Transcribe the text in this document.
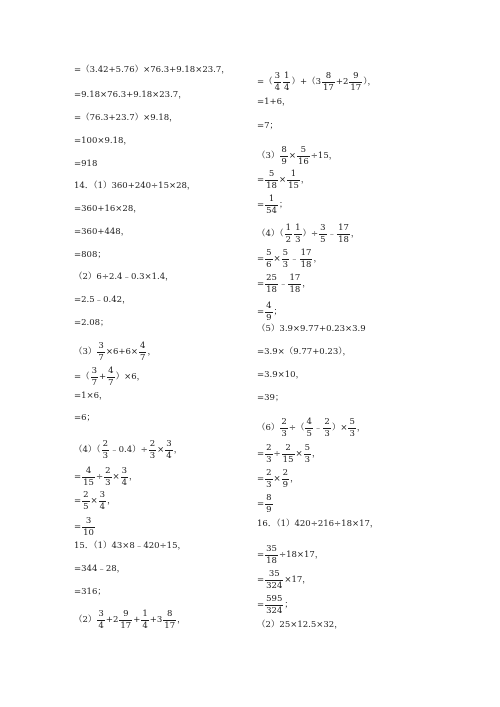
=（3.42+5.76）×76.3+9.18×23.7，
=9.18×76.3+9.18×23.7，
=（76.3+23.7）×9.18，
=100×9.18，
=918
14．（1）360+240÷15×28，
=360+16×28，
=360+448，
=808；
（2）6÷2.4﹣0.3×1.4，
=2.5﹣0.42，
=2.08；
$(3) \frac{3}{7} \times 6+6\times \frac{4}{7}$ ，
=（ $\frac{3}{7} + \frac{4}{7} )\times 6$，
=1×6，
=6；
$(4)( \frac{2}{3}$ ﹣0.4）÷ $\frac{2}{3} \times \frac{3}{4}$ ，
= $\frac{4}{15} \div \frac{2}{3} \times \frac{3}{4}$ ，
= $\frac{2}{5} \times \frac{3}{4}$ ，
= $\frac{3}{10}$
15．（1）43×8﹣420÷15，
=344﹣28，
=316；
$(2) \frac{3}{4} +2 \frac{9}{17} + \frac{1}{4} +3 \frac{8}{17}$ ，
=（ $\frac{3}{4} \frac{1}{4} )+(3 \frac{8}{17} +2 \frac{9}{17}$ ），
=1+6，
=7；
$(3) \frac{8}{9} \times \frac{5}{16} \div 15$，
= $\frac{5}{18} \times \frac{1}{15}$ ，
= $\frac{1}{54}$ ；
$(4)( \frac{1}{2} \frac{1}{3}$ ）÷ $\frac{3}{5}$ ﹣ $\frac{17}{18}$ ，
= $\frac{5}{6} \times \frac{5}{3}$ ﹣ $\frac{17}{18}$ ，
= $\frac{25}{18}$ ﹣ $\frac{17}{18}$ ，
= $\frac{4}{9}$ ；
（5）3.9×9.77+0.23×3.9
=3.9×（9.77+0.23），
=3.9×10，
=39；
$(6) \frac{2}{3}$ ÷（ $\frac{4}{5}$ ﹣ $\frac{2}{3}$ ）× $\frac{5}{3}$ ，
= $\frac{2}{3} \div \frac{2}{15} \times \frac{5}{3}$ ，
= $\frac{2}{3} \times \frac{2}{9}$ ，
= $\frac{8}{9}$
16．（1）420÷216÷18×17，
= $\frac{35}{18} \div 18\times 17$，
= $\frac{35}{324} \times 17$，
= $\frac{595}{324}$ ；
（2）25×12.5×32，
